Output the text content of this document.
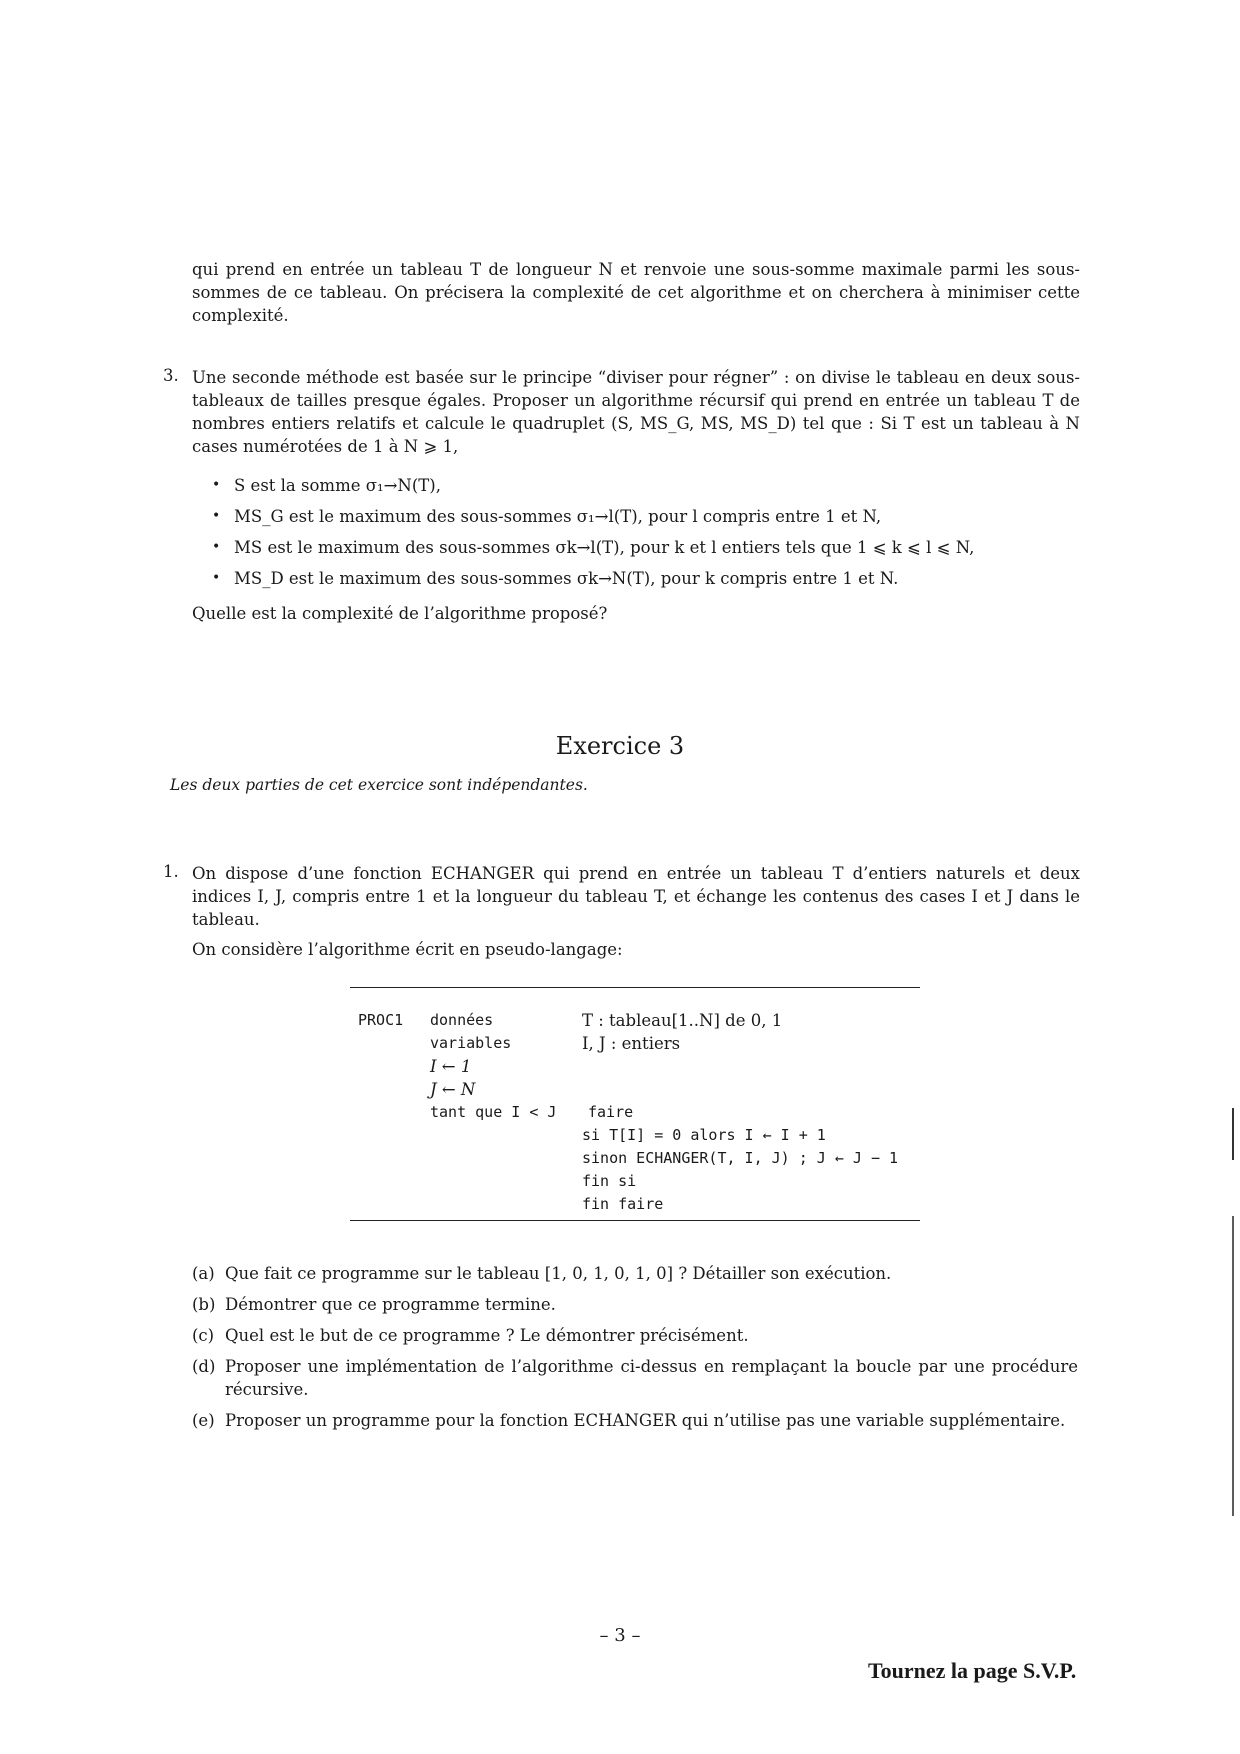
qui prend en entrée un tableau T de longueur N et renvoie une sous-somme maximale parmi les sous-sommes de ce tableau. On précisera la complexité de cet algorithme et on cherchera à minimiser cette complexité.
3. Une seconde méthode est basée sur le principe “diviser pour régner” : on divise le tableau en deux sous-tableaux de tailles presque égales. Proposer un algorithme récursif qui prend en entrée un tableau T de nombres entiers relatifs et calcule le quadruplet (S, MS_G, MS, MS_D) tel que : Si T est un tableau à N cases numérotées de 1 à N ⩾ 1,
• S est la somme σ₁→N(T),
• MS_G est le maximum des sous-sommes σ₁→l(T), pour l compris entre 1 et N,
• MS est le maximum des sous-sommes σk→l(T), pour k et l entiers tels que 1 ⩽ k ⩽ l ⩽ N,
• MS_D est le maximum des sous-sommes σk→N(T), pour k compris entre 1 et N.
Quelle est la complexité de l’algorithme proposé?
Exercice 3
Les deux parties de cet exercice sont indépendantes.
1. On dispose d’une fonction ECHANGER qui prend en entrée un tableau T d’entiers naturels et deux indices I, J, compris entre 1 et la longueur du tableau T, et échange les contenus des cases I et J dans le tableau.
On considère l’algorithme écrit en pseudo-langage:
PROC1 données
variables
I ← 1
J ← N
tant que I < J
T : tableau[1..N] de 0, 1
I, J : entiers
faire
si T[I] = 0 alors I ← I + 1
sinon ECHANGER(T, I, J) ; J ← J − 1
fin si
fin faire
(a) Que fait ce programme sur le tableau [1, 0, 1, 0, 1, 0] ? Détailler son exécution.
(b) Démontrer que ce programme termine.
(c) Quel est le but de ce programme ? Le démontrer précisément.
(d) Proposer une implémentation de l’algorithme ci-dessus en remplaçant la boucle par une procédure récursive.
(e) Proposer un programme pour la fonction ECHANGER qui n’utilise pas une variable supplémentaire.
– 3 –
Tournez la page S.V.P.
